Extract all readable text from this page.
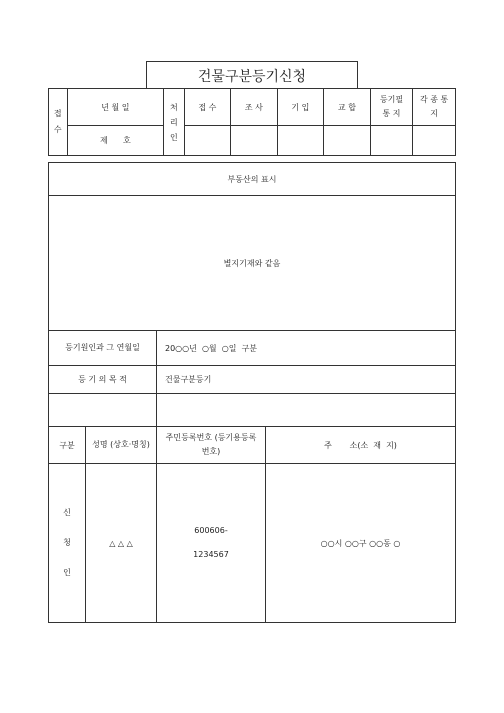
건물구분등기신청
접 수	년 월 일	처 리 인	접 수	조 사	기 입	교 합	등기필 통 지	각 종 통 지
	제      호							
부동산의 표시			
별지기재와 같음			
등기원인과 그 연월일		20○○년  ○월  ○일  구분	
등 기 의 목 적		건물구분등기	

구분	성명 (상호·명칭)	주민등록번호 (등기용등록번호)	주       소(소  재  지)
신 청 인	△ △ △	600606- 1234567	○○시 ○○구 ○○동 ○
